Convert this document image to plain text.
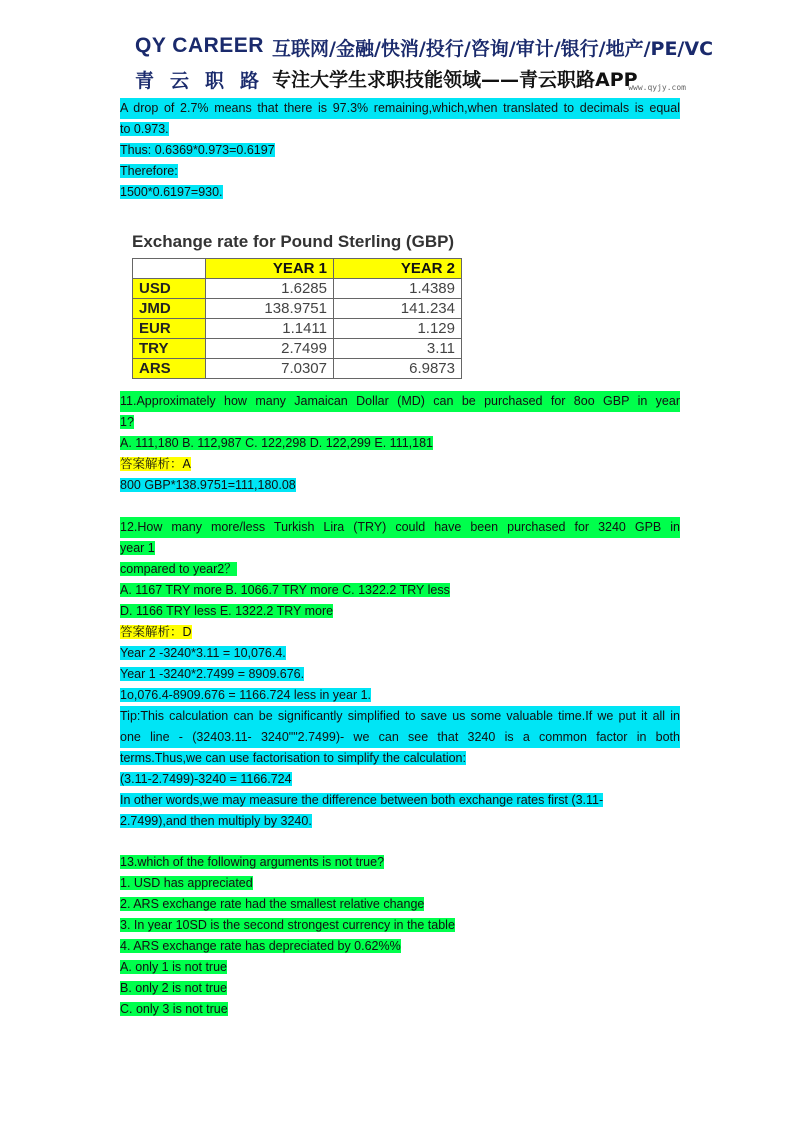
QY CAREER
青云职路
互联网/金融/快消/投行/咨询/审计/银行/地产/PE/VC
专注大学生求职技能领域——青云职路APP
www.qyjy.com
A drop of 2.7% means that there is 97.3% remaining,which,when translated to decimals is equal
to 0.973.
Thus: 0.6369*0.973=0.6197
Therefore:
1500*0.6197=930.
Exchange rate for Pound Sterling (GBP)
	YEAR 1	YEAR 2
USD	1.6285	1.4389
JMD	138.9751	141.234
EUR	1.1411	1.129
TRY	2.7499	3.11
ARS	7.0307	6.9873
11.Approximately how many Jamaican Dollar (MD) can be purchased for 8oo GBP in year
1?
A. 111,180 B. 112,987 C. 122,298 D. 122,299 E. 111,181
答案解析：A
800 GBP*138.9751=111,180.08
12.How many more/less Turkish Lira (TRY) could have been purchased for 3240 GPB in
year 1
compared to year2？
A. 1167 TRY more B. 1066.7 TRY more C. 1322.2 TRY less
D. 1166 TRY less E. 1322.2 TRY more
答案解析：D
Year 2 -3240*3.11 = 10,076.4.
Year 1 -3240*2.7499 = 8909.676.
1o,076.4-8909.676 = 1166.724 less in year 1.
Tip:This calculation can be significantly simplified to save us some valuable time.If we put it all in
one line - (32403.11- 3240""2.7499)- we can see that 3240 is a common factor in both
terms.Thus,we can use factorisation to simplify the calculation:
(3.11-2.7499)-3240 = 1166.724
In other words,we may measure the difference between both exchange rates first (3.11-
2.7499),and then multiply by 3240.
13.which of the following arguments is not true?
1. USD has appreciated
2. ARS exchange rate had the smallest relative change
3. In year 10SD is the second strongest currency in the table
4. ARS exchange rate has depreciated by 0.62%%
A. only 1 is not true
B. only 2 is not true
C. only 3 is not true
